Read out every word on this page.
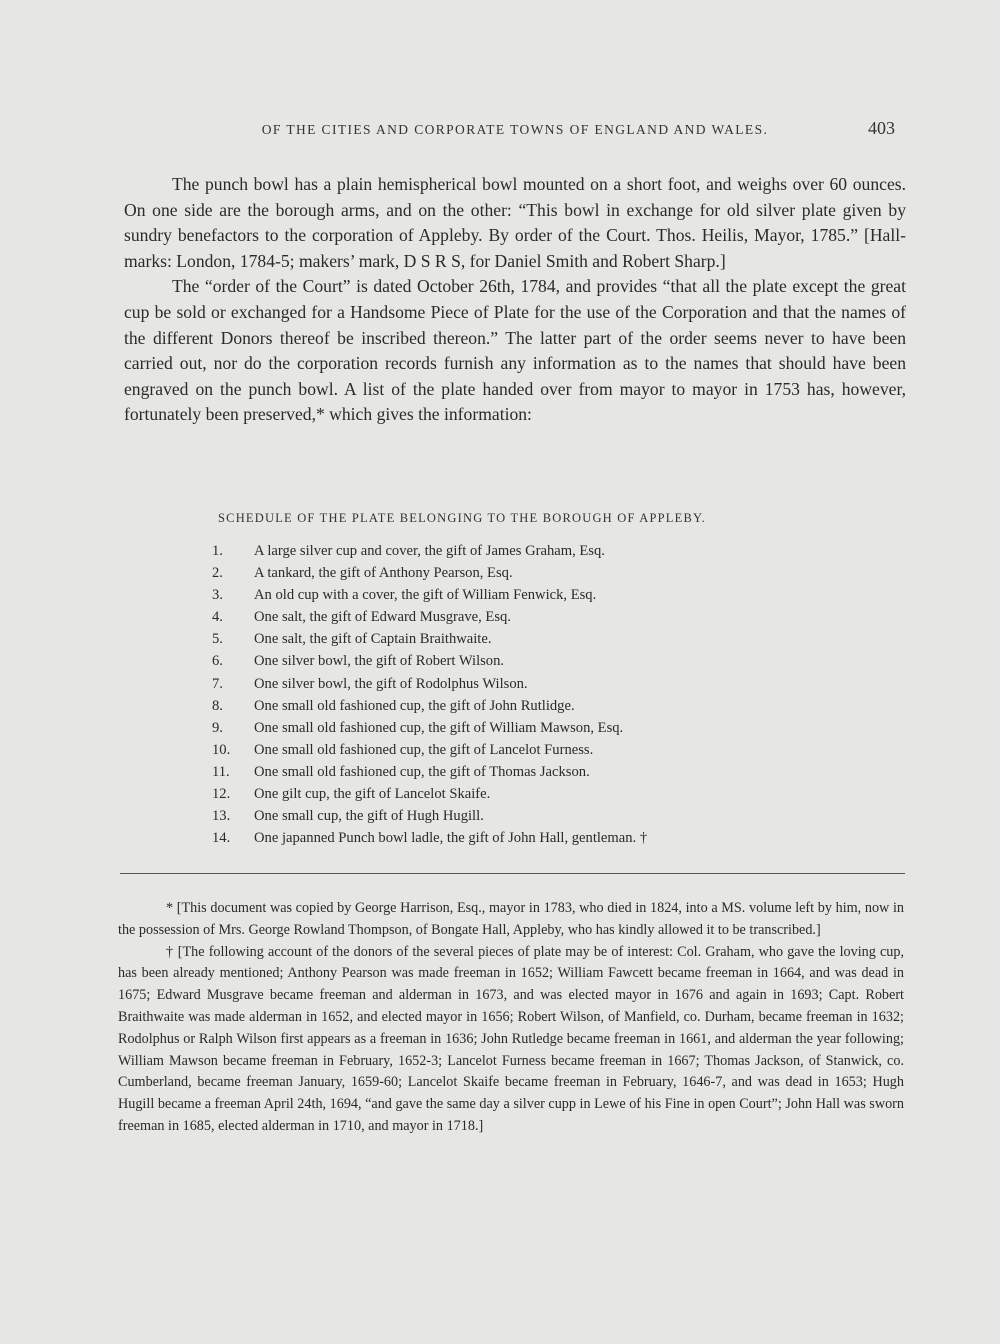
OF THE CITIES AND CORPORATE TOWNS OF ENGLAND AND WALES.	403

The punch bowl has a plain hemispherical bowl mounted on a short foot, and weighs over 60 ounces. On one side are the borough arms, and on the other: “This bowl in exchange for old silver plate given by sundry benefactors to the corporation of Appleby. By order of the Court. Thos. Heilis, Mayor, 1785.” [Hall-marks: London, 1784-5; makers’ mark, D S R S, for Daniel Smith and Robert Sharp.]

The “order of the Court” is dated October 26th, 1784, and provides “that all the plate except the great cup be sold or exchanged for a Handsome Piece of Plate for the use of the Corporation and that the names of the different Donors thereof be inscribed thereon.” The latter part of the order seems never to have been carried out, nor do the corporation records furnish any information as to the names that should have been engraved on the punch bowl. A list of the plate handed over from mayor to mayor in 1753 has, however, fortunately been preserved,* which gives the information:

SCHEDULE OF THE PLATE BELONGING TO THE BOROUGH OF APPLEBY.
1.	A large silver cup and cover, the gift of James Graham, Esq.
2.	A tankard, the gift of Anthony Pearson, Esq.
3.	An old cup with a cover, the gift of William Fenwick, Esq.
4.	One salt, the gift of Edward Musgrave, Esq.
5.	One salt, the gift of Captain Braithwaite.
6.	One silver bowl, the gift of Robert Wilson.
7.	One silver bowl, the gift of Rodolphus Wilson.
8.	One small old fashioned cup, the gift of John Rutlidge.
9.	One small old fashioned cup, the gift of William Mawson, Esq.
10.	One small old fashioned cup, the gift of Lancelot Furness.
11.	One small old fashioned cup, the gift of Thomas Jackson.
12.	One gilt cup, the gift of Lancelot Skaife.
13.	One small cup, the gift of Hugh Hugill.
14.	One japanned Punch bowl ladle, the gift of John Hall, gentleman. †

* [This document was copied by George Harrison, Esq., mayor in 1783, who died in 1824, into a MS. volume left by him, now in the possession of Mrs. George Rowland Thompson, of Bongate Hall, Appleby, who has kindly allowed it to be transcribed.]

† [The following account of the donors of the several pieces of plate may be of interest: Col. Graham, who gave the loving cup, has been already mentioned; Anthony Pearson was made freeman in 1652; William Fawcett became freeman in 1664, and was dead in 1675; Edward Musgrave became freeman and alderman in 1673, and was elected mayor in 1676 and again in 1693; Capt. Robert Braithwaite was made alderman in 1652, and elected mayor in 1656; Robert Wilson, of Manfield, co. Durham, became freeman in 1632; Rodolphus or Ralph Wilson first appears as a freeman in 1636; John Rutledge became freeman in 1661, and alderman the year following; William Mawson became freeman in February, 1652-3; Lancelot Furness became freeman in 1667; Thomas Jackson, of Stanwick, co. Cumberland, became freeman January, 1659-60; Lancelot Skaife became freeman in February, 1646-7, and was dead in 1653; Hugh Hugill became a freeman April 24th, 1694, “and gave the same day a silver cupp in Lewe of his Fine in open Court”; John Hall was sworn freeman in 1685, elected alderman in 1710, and mayor in 1718.]
